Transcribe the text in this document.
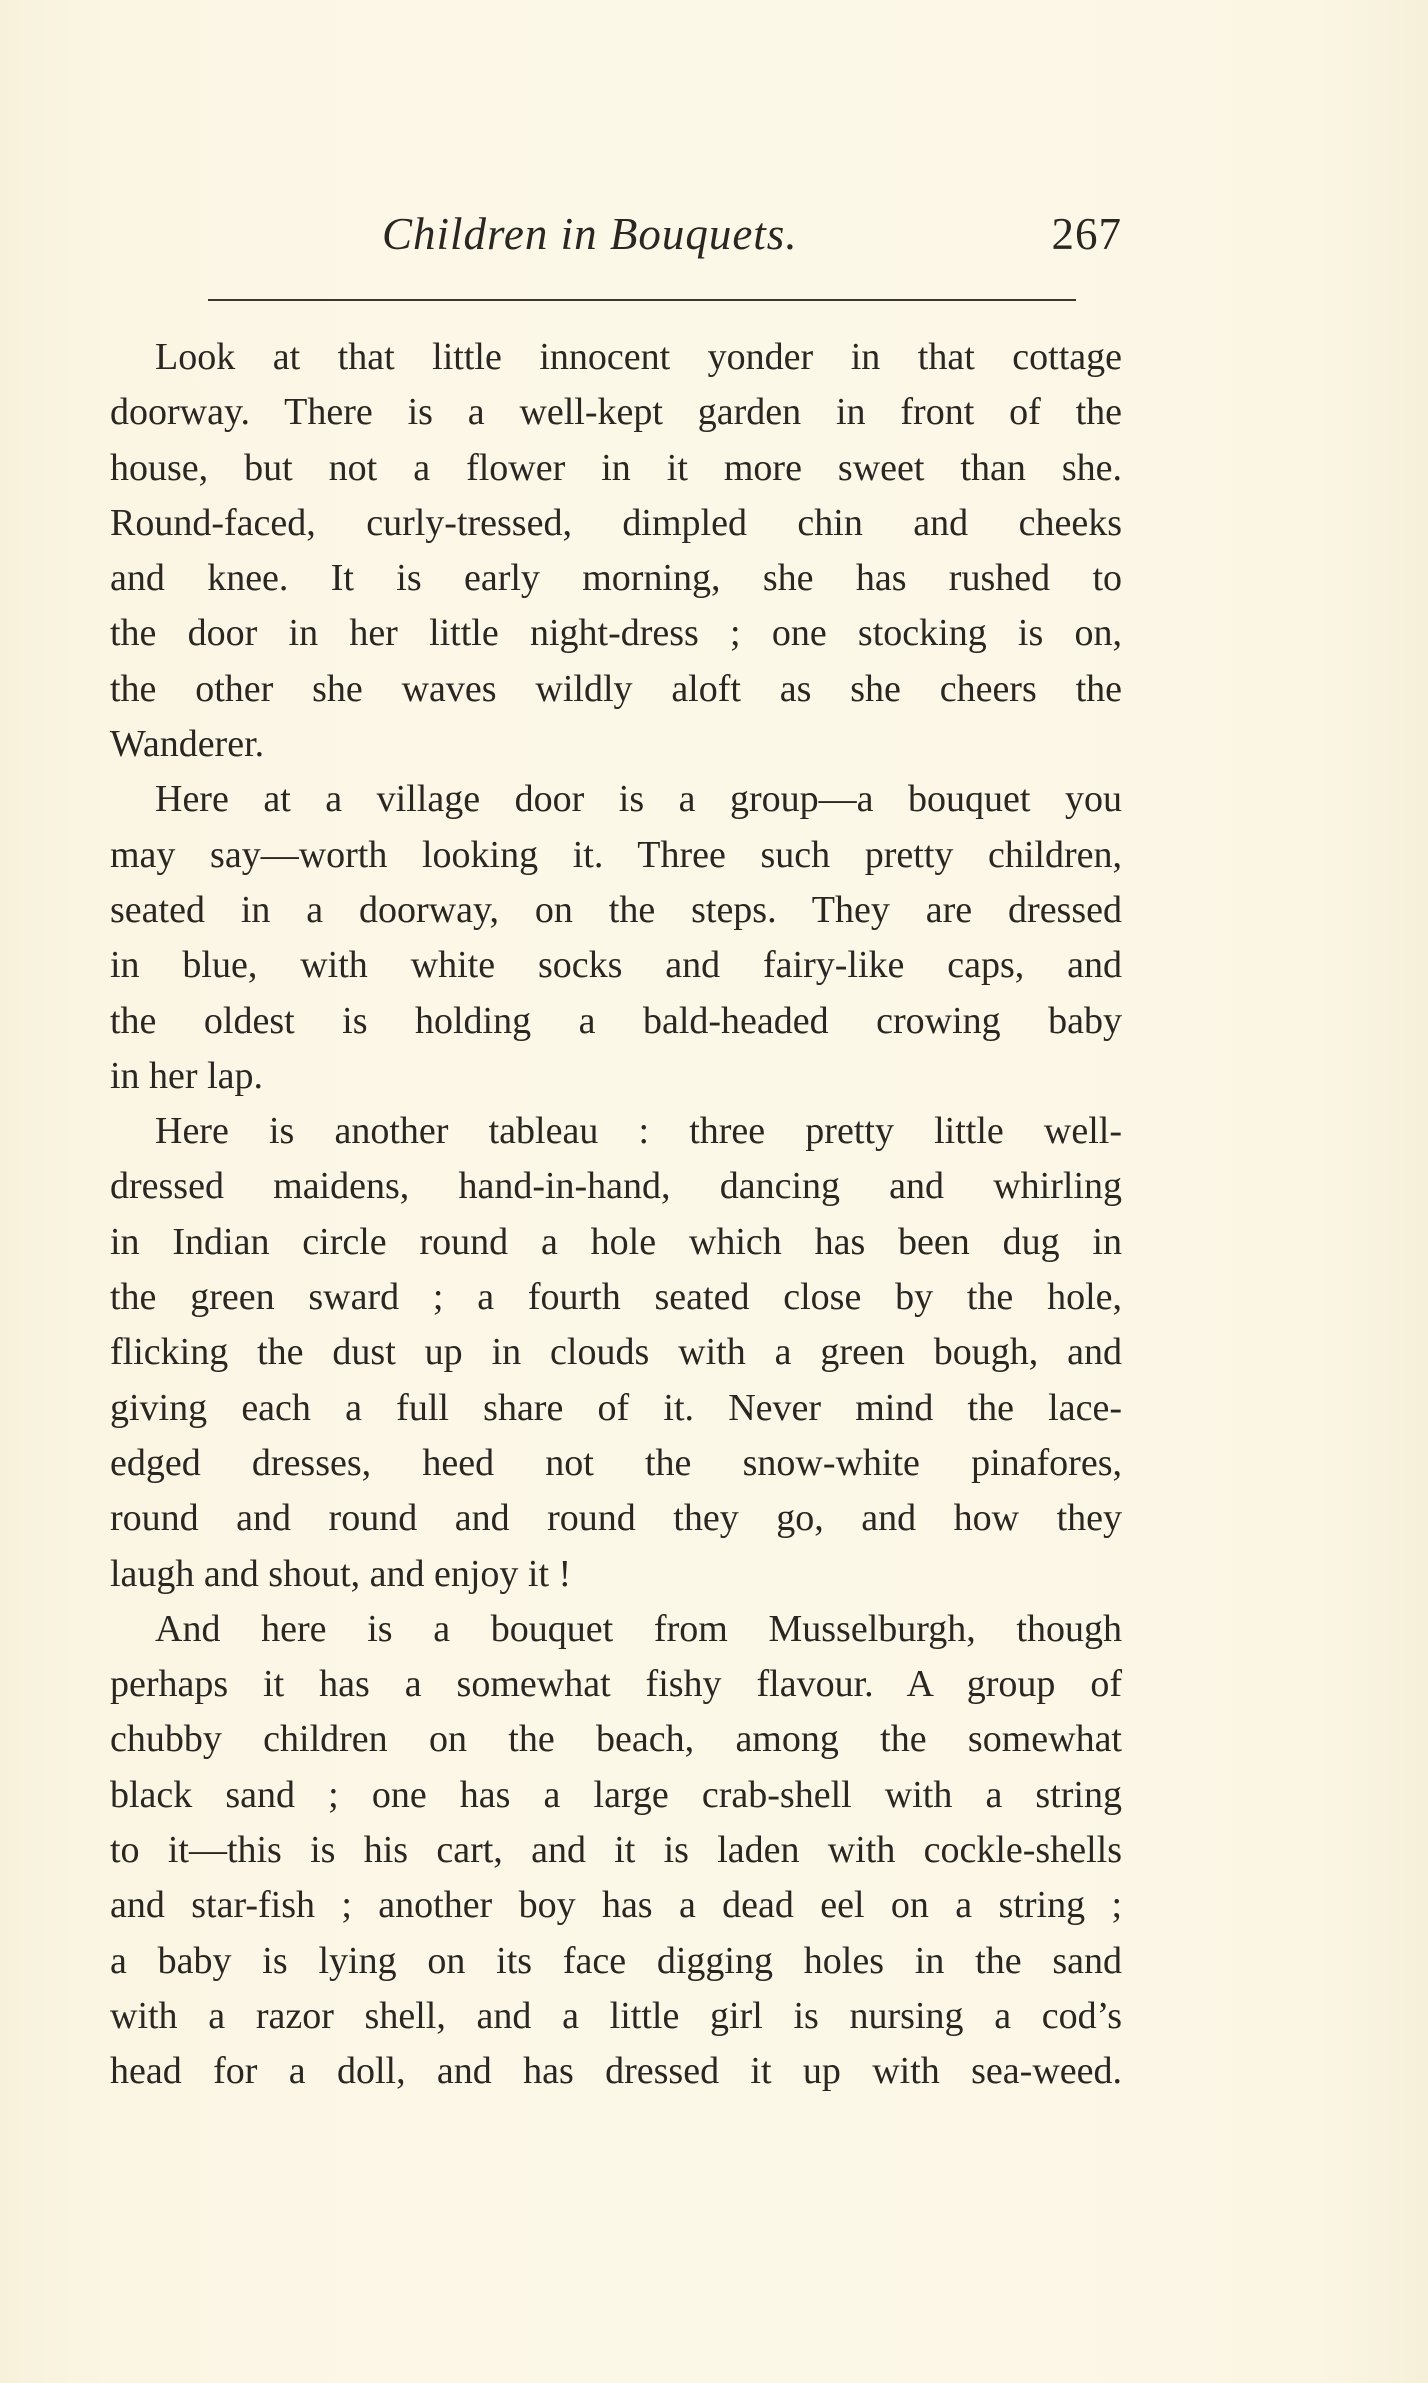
Children in Bouquets.	267
Look at that little innocent yonder in that cottage
doorway. There is a well-kept garden in front of the
house, but not a flower in it more sweet than she.
Round-faced, curly-tressed, dimpled chin and cheeks
and knee. It is early morning, she has rushed to
the door in her little night-dress ; one stocking is on,
the other she waves wildly aloft as she cheers the
Wanderer.
Here at a village door is a group—a bouquet you
may say—worth looking it. Three such pretty children,
seated in a doorway, on the steps. They are dressed
in blue, with white socks and fairy-like caps, and
the oldest is holding a bald-headed crowing baby
in her lap.
Here is another tableau : three pretty little well-
dressed maidens, hand-in-hand, dancing and whirling
in Indian circle round a hole which has been dug in
the green sward ; a fourth seated close by the hole,
flicking the dust up in clouds with a green bough, and
giving each a full share of it. Never mind the lace-
edged dresses, heed not the snow-white pinafores,
round and round and round they go, and how they
laugh and shout, and enjoy it !
And here is a bouquet from Musselburgh, though
perhaps it has a somewhat fishy flavour. A group of
chubby children on the beach, among the somewhat
black sand ; one has a large crab-shell with a string
to it—this is his cart, and it is laden with cockle-shells
and star-fish ; another boy has a dead eel on a string ;
a baby is lying on its face digging holes in the sand
with a razor shell, and a little girl is nursing a cod’s
head for a doll, and has dressed it up with sea-weed.
